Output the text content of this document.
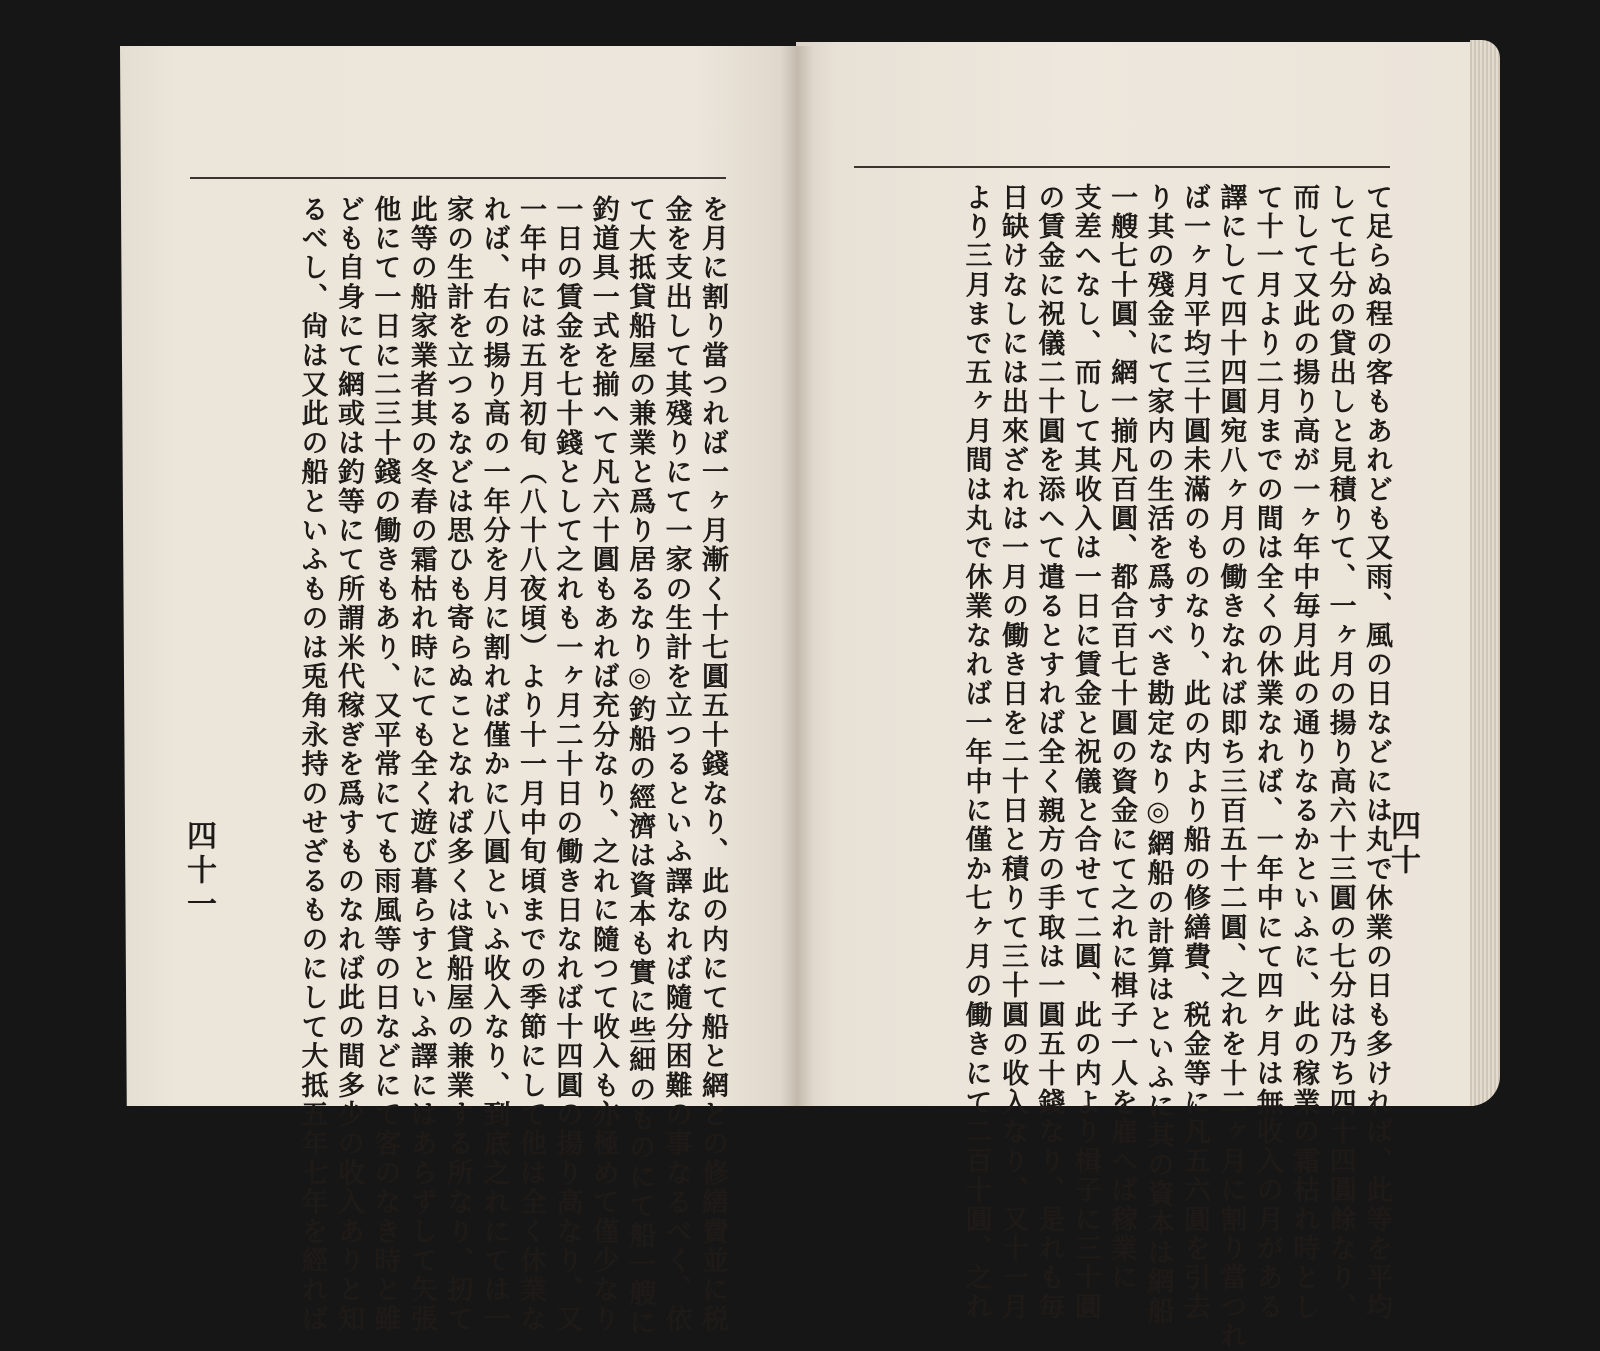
を月に割り當つれば一ヶ月漸く十七圓五十錢なり、此の内にて船と網との修繕費並に税
金を支出して其殘りにて一家の生計を立つるといふ譯なれば隨分困難の事なるべく、依
て大抵貸船屋の兼業と爲り居るなり◎釣船の經濟は資本も實に些細のものにて船一艘に
釣道具一式を揃へて凡六十圓もあれば充分なり、之れに隨つて收入も亦極めて僅少なり
一日の賃金を七十錢として之れも一ヶ月二十日の働き日なれば十四圓の揚り高なり、又
一年中には五月初旬（八十八夜頃）より十一月中旬頃までの季節にして他は全く休業な
れば、右の揚り高の一年分を月に割れば僅かに八圓といふ收入なり、到底之れにては一
家の生計を立つるなどは思ひも寄らぬことなれば多くは貸船屋の兼業する所なり、扨て
此等の船家業者其の冬春の霜枯れ時にても全く遊び暮らすといふ譯にはあらずして矢張
他にて一日に二三十錢の働きもあり、又平常にても雨風等の日などにて客のなき時と雖
ども自身にて網或は釣等にて所謂米代稼ぎを爲すものなれば此の間多少の收入ありと知
るべし、尙は又此の船といふものは兎角永持のせざるものにして大抵五年七年を經れば	て足らぬ程の客もあれども又雨、風の日などには丸で休業の日も多ければ、此等を平均
して七分の貸出しと見積りて、一ヶ月の揚り高六十三圓の七分は乃ち四十四圓餘なり、
而して又此の揚り高が一ヶ年中毎月此の通りなるかといふに、此の稼業の霜枯れ時とし
て十一月より二月までの間は全くの休業なれば、一年中にて四ヶ月は無收入の月がある
譯にして四十四圓宛八ヶ月の働きなれば即ち三百五十二圓、之れを十二ヶ月に割り當つれ
ば一ヶ月平均三十圓未滿のものなり、此の内より船の修繕費、税金等に凡五六圓を引去
り其の殘金にて家内の生活を爲すべき勘定なり◎網船の計算はといふに其の資本は網船
一艘七十圓、網一揃凡百圓、都合百七十圓の資金にて之れに楫子一人を雇へば稼業に
支差へなし、而して其收入は一日に賃金と祝儀と合せて二圓、此の内より楫子に三十圓
の賃金に祝儀二十圓を添へて遣るとすれば全く親方の手取は一圓五十錢なり、是れも毎
日缺けなしには出來ざれは一月の働き日を二十日と積りて三十圓の收入なり、又十一月
より三月まで五ヶ月間は丸で休業なれば一年中に僅か七ヶ月の働きにて二百十圓、之れ
四十一	四十
